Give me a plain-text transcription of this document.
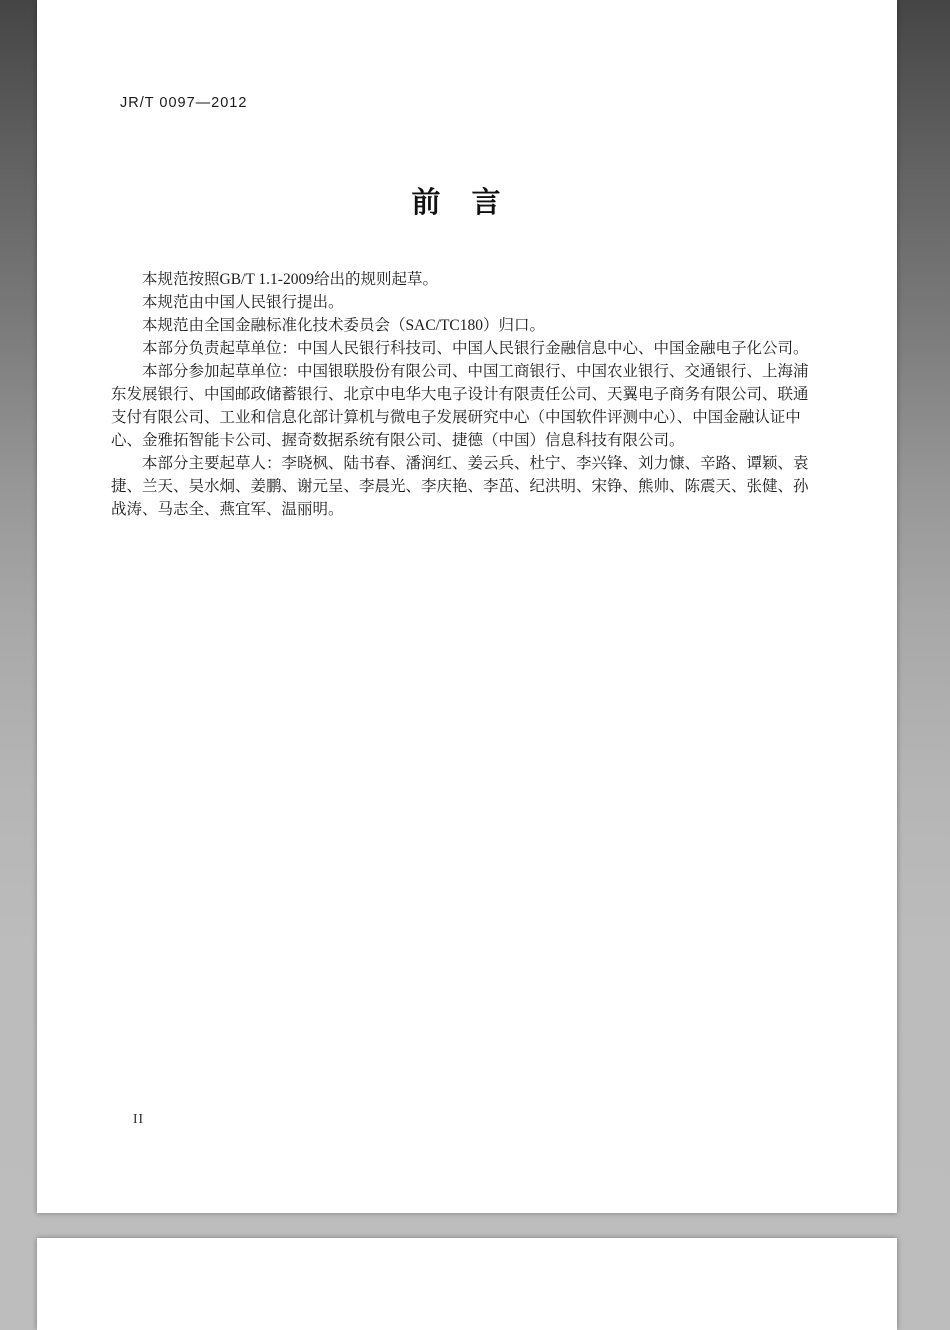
JR/T 0097—2012
前 言
本规范按照GB/T 1.1-2009给出的规则起草。
本规范由中国人民银行提出。
本规范由全国金融标准化技术委员会（SAC/TC180）归口。
本部分负责起草单位：中国人民银行科技司、中国人民银行金融信息中心、中国金融电子化公司。
本部分参加起草单位：中国银联股份有限公司、中国工商银行、中国农业银行、交通银行、上海浦
东发展银行、中国邮政储蓄银行、北京中电华大电子设计有限责任公司、天翼电子商务有限公司、联通
支付有限公司、工业和信息化部计算机与微电子发展研究中心（中国软件评测中心）、中国金融认证中
心、金雅拓智能卡公司、握奇数据系统有限公司、捷德（中国）信息科技有限公司。
本部分主要起草人：李晓枫、陆书春、潘润红、姜云兵、杜宁、李兴锋、刘力慷、辛路、谭颖、袁
捷、兰天、吴水炯、姜鹏、谢元呈、李晨光、李庆艳、李茁、纪洪明、宋铮、熊帅、陈震天、张健、孙
战涛、马志全、燕宜军、温丽明。
II
